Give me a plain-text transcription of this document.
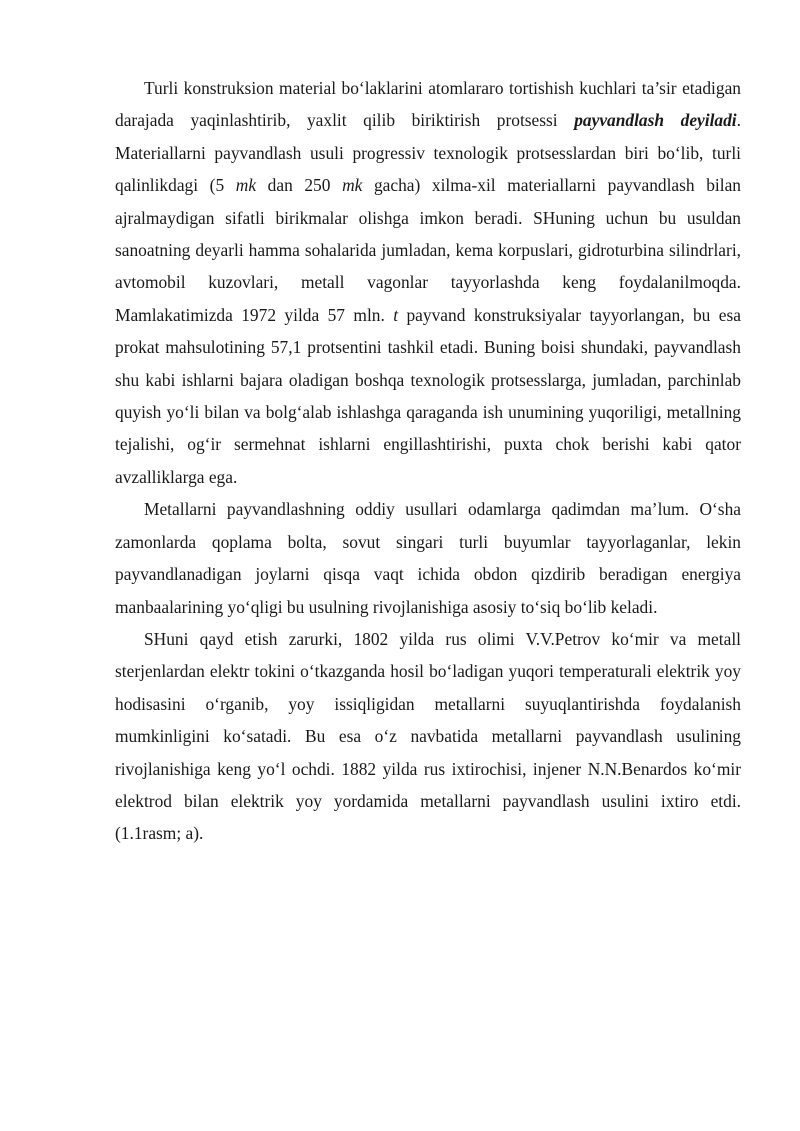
Turli konstruksion material bo‘laklarini atomlararo tortishish kuchlari ta’sir etadigan darajada yaqinlashtirib, yaxlit qilib biriktirish protsessi payvandlash deyiladi. Materiallarni payvandlash usuli progressiv texnologik protsesslardan biri bo‘lib, turli qalinlikdagi (5 mk dan 250 mk gacha) xilma-xil materiallarni payvandlash bilan ajralmaydigan sifatli birikmalar olishga imkon beradi. SHuning uchun bu usuldan sanoatning deyarli hamma sohalarida jumladan, kema korpuslari, gidroturbina silindrlari, avtomobil kuzovlari, metall vagonlar tayyorlashda keng foydalanilmoqda. Mamlakatimizda 1972 yilda 57 mln. t payvand konstruksiyalar tayyorlangan, bu esa prokat mahsulotining 57,1 protsentini tashkil etadi. Buning boisi shundaki, payvandlash shu kabi ishlarni bajara oladigan boshqa texnologik protsesslarga, jumladan, parchinlab quyish yo‘li bilan va bolg‘alab ishlashga qaraganda ish unumining yuqoriligi, metallning tejalishi, og‘ir sermehnat ishlarni engillashtirishi, puxta chok berishi kabi qator avzalliklarga ega.

Metallarni payvandlashning oddiy usullari odamlarga qadimdan ma’lum. O‘sha zamonlarda qoplama bolta, sovut singari turli buyumlar tayyorlaganlar, lekin payvandlanadigan joylarni qisqa vaqt ichida obdon qizdirib beradigan energiya manbaalarining yo‘qligi bu usulning rivojlanishiga asosiy to‘siq bo‘lib keladi.

SHuni qayd etish zarurki, 1802 yilda rus olimi V.V.Petrov ko‘mir va metall sterjenlardan elektr tokini o‘tkazganda hosil bo‘ladigan yuqori temperaturali elektrik yoy hodisasini o‘rganib, yoy issiqligidan metallarni suyuqlantirishda foydalanish mumkinligini ko‘satadi. Bu esa o‘z navbatida metallarni payvandlash usulining rivojlanishiga keng yo‘l ochdi. 1882 yilda rus ixtirochisi, injener N.N.Benardos ko‘mir elektrod bilan elektrik yoy yordamida metallarni payvandlash usulini ixtiro etdi. (1.1rasm; a).
